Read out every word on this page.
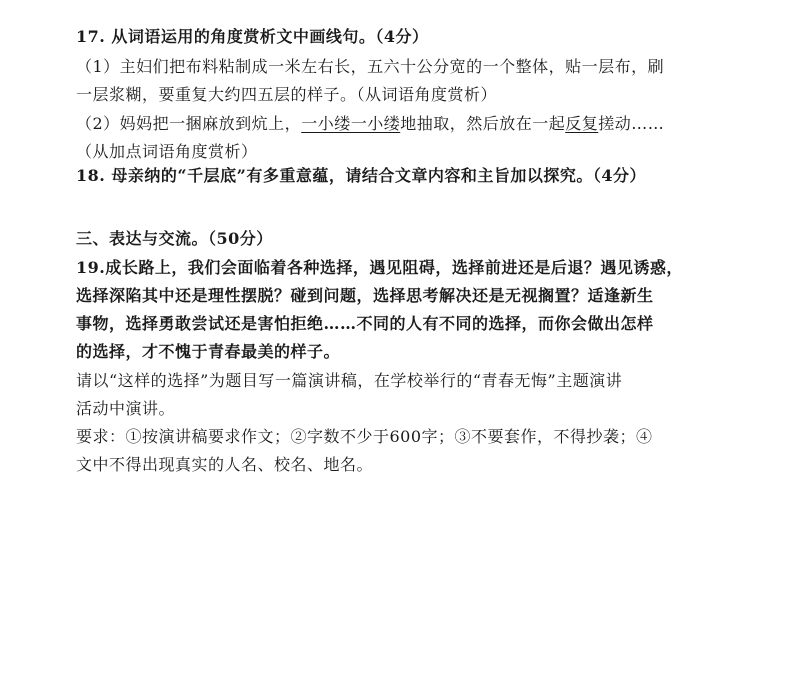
17. 从词语运用的角度赏析文中画线句。（4分）
（1）主妇们把布料粘制成一米左右长，五六十公分宽的一个整体，贴一层布，刷
一层浆糊，要重复大约四五层的样子。（从词语角度赏析）
（2）妈妈把一捆麻放到炕上，一小缕一小缕地抽取，然后放在一起反复搓动……
（从加点词语角度赏析）
18. 母亲纳的“千层底”有多重意蕴，请结合文章内容和主旨加以探究。（4分）
三、表达与交流。（50分）
19.成长路上，我们会面临着各种选择，遇见阻碍，选择前进还是后退？遇见诱惑，
选择深陷其中还是理性摆脱？碰到问题，选择思考解决还是无视搁置？适逢新生
事物，选择勇敢尝试还是害怕拒绝……不同的人有不同的选择，而你会做出怎样
的选择，才不愧于青春最美的样子。
请以“这样的选择”为题目写一篇演讲稿，在学校举行的“青春无悔”主题演讲
活动中演讲。
要求：①按演讲稿要求作文；②字数不少于600字；③不要套作，不得抄袭；④
文中不得出现真实的人名、校名、地名。
